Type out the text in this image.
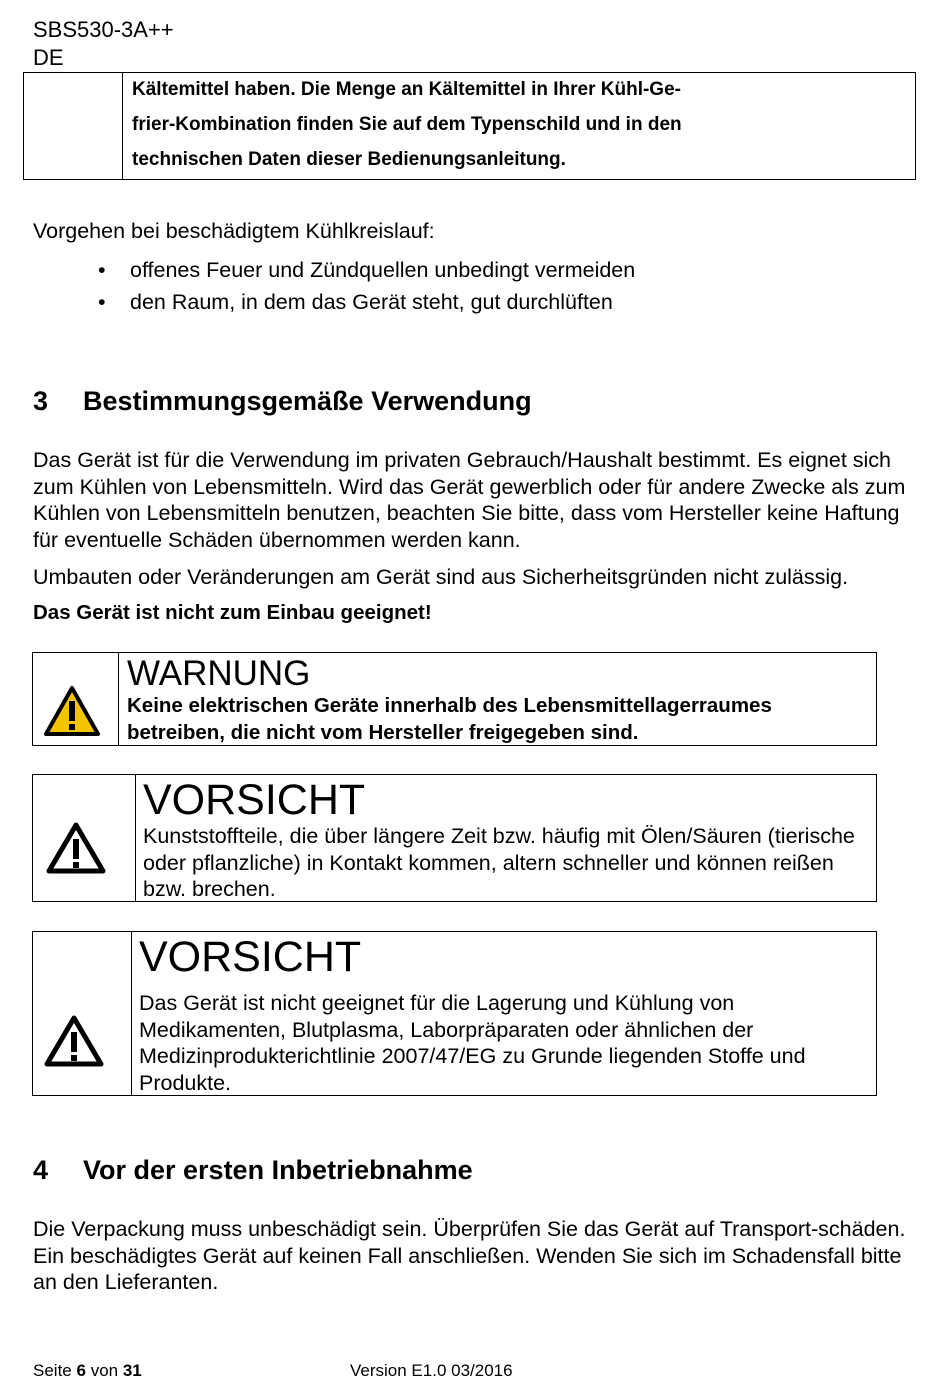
SBS530-3A++
DE
Kältemittel haben. Die Menge an Kältemittel in Ihrer Kühl-Ge-
frier-Kombination finden Sie auf dem Typenschild und in den
technischen Daten dieser Bedienungsanleitung.
Vorgehen bei beschädigtem Kühlkreislauf:
• offenes Feuer und Zündquellen unbedingt vermeiden
• den Raum, in dem das Gerät steht, gut durchlüften
3 Bestimmungsgemäße Verwendung
Das Gerät ist für die Verwendung im privaten Gebrauch/Haushalt bestimmt. Es eignet sich zum Kühlen von Lebensmitteln. Wird das Gerät gewerblich oder für andere Zwecke als zum Kühlen von Lebensmitteln benutzen, beachten Sie bitte, dass vom Hersteller keine Haftung für eventuelle Schäden übernommen werden kann.
Umbauten oder Veränderungen am Gerät sind aus Sicherheitsgründen nicht zulässig.
Das Gerät ist nicht zum Einbau geeignet!
WARNUNG
Keine elektrischen Geräte innerhalb des Lebensmittellagerraumes betreiben, die nicht vom Hersteller freigegeben sind.
VORSICHT
Kunststoffteile, die über längere Zeit bzw. häufig mit Ölen/Säuren (tierische oder pflanzliche) in Kontakt kommen, altern schneller und können reißen bzw. brechen.
VORSICHT
Das Gerät ist nicht geeignet für die Lagerung und Kühlung von Medikamenten, Blutplasma, Laborpräparaten oder ähnlichen der Medizinprodukterichtlinie 2007/47/EG zu Grunde liegenden Stoffe und Produkte.
4 Vor der ersten Inbetriebnahme
Die Verpackung muss unbeschädigt sein. Überprüfen Sie das Gerät auf Transport-schäden. Ein beschädigtes Gerät auf keinen Fall anschließen. Wenden Sie sich im Schadensfall bitte an den Lieferanten.
Seite 6 von 31	Version E1.0 03/2016
